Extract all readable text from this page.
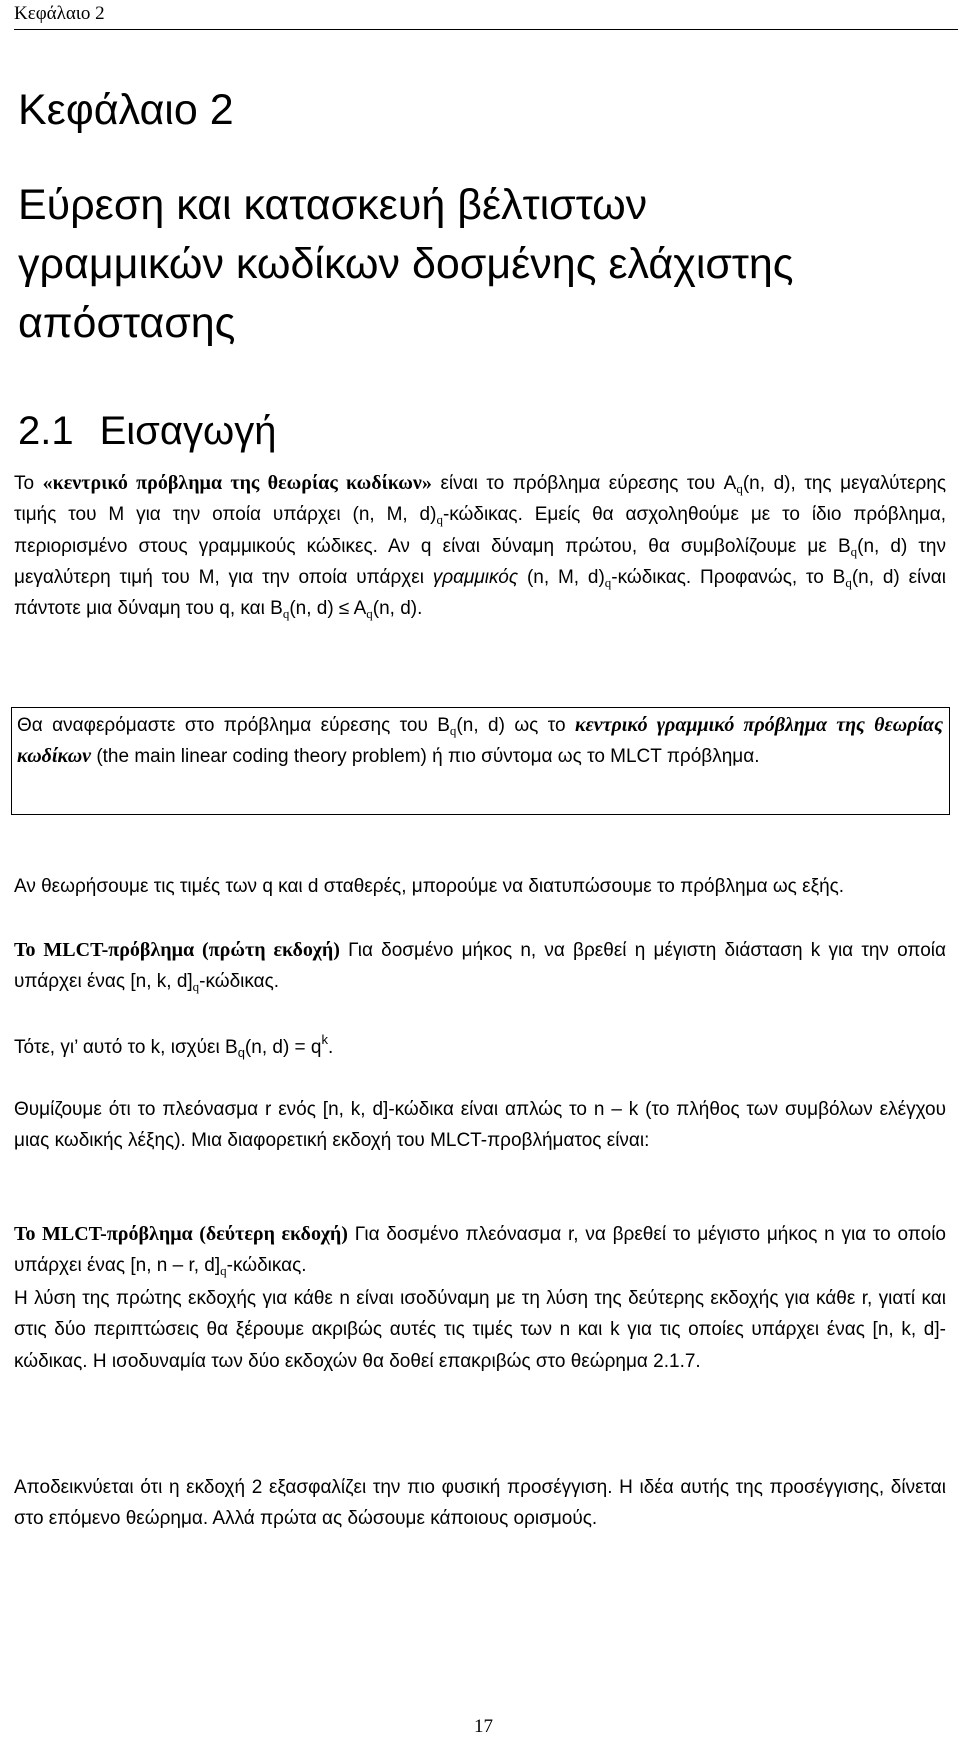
Κεφάλαιο 2
Κεφάλαιο 2
Εύρεση και κατασκευή βέλτιστων
γραμμικών κωδίκων δοσμένης ελάχιστης
απόστασης
2.1 Εισαγωγή

Το «κεντρικό πρόβλημα της θεωρίας κωδίκων» είναι το πρόβλημα εύρεσης του $A_q(n$, d), της μεγαλύτερης τιμής του M για την οποία υπάρχει (n, M, $d)_q$-κώδικας. Εμείς θα ασχοληθούμε με το ίδιο πρόβλημα, περιορισμένο στους γραμμικούς κώδικες. Αν q είναι δύναμη πρώτου, θα συμβολίζουμε με $B_q(n$, d) την μεγαλύτερη τιμή του M, για την οποία υπάρχει γραμμικός (n, M, $d)_q$-κώδικας. Προφανώς, το $B_q(n$, d) είναι πάντοτε μια δύναμη του q, και $B_q(n$, $d) \le A_q(n$, d).

Θα αναφερόμαστε στο πρόβλημα εύρεσης του $B_q(n$, d) ως το κεντρικό γραμμικό πρόβλημα της θεωρίας κωδίκων (the main linear coding theory problem) ή πιο σύντομα ως το MLCT πρόβλημα.

Αν θεωρήσουμε τις τιμές των q και d σταθερές, μπορούμε να διατυπώσουμε το πρόβλημα ως εξής.

Το MLCT-πρόβλημα (πρώτη εκδοχή) Για δοσμένο μήκος n, να βρεθεί η μέγιστη διάσταση k για την οποία υπάρχει ένας [n, k, $d]_q$-κώδικας.

Τότε, γι’ αυτό το k, ισχύει $B_q(n$, $d) = q^k$.

Θυμίζουμε ότι το πλεόνασμα r ενός [n, k, d]-κώδικα είναι απλώς το n – k (το πλήθος των συμβόλων ελέγχου μιας κωδικής λέξης). Μια διαφορετική εκδοχή του MLCT-προβλήματος είναι:

Το MLCT-πρόβλημα (δεύτερη εκδοχή) Για δοσμένο πλεόνασμα r, να βρεθεί το μέγιστο μήκος n για το οποίο υπάρχει ένας [n, n – r, $d]_q$-κώδικας.

Η λύση της πρώτης εκδοχής για κάθε n είναι ισοδύναμη με τη λύση της δεύτερης εκδοχής για κάθε r, γιατί και στις δύο περιπτώσεις θα ξέρουμε ακριβώς αυτές τις τιμές των n και k για τις οποίες υπάρχει ένας [n, k, d]-κώδικας. Η ισοδυναμία των δύο εκδοχών θα δοθεί επακριβώς στο θεώρημα 2.1.7.

Αποδεικνύεται ότι η εκδοχή 2 εξασφαλίζει την πιο φυσική προσέγγιση. Η ιδέα αυτής της προσέγγισης, δίνεται στο επόμενο θεώρημα. Αλλά πρώτα ας δώσουμε κάποιους ορισμούς.

17
